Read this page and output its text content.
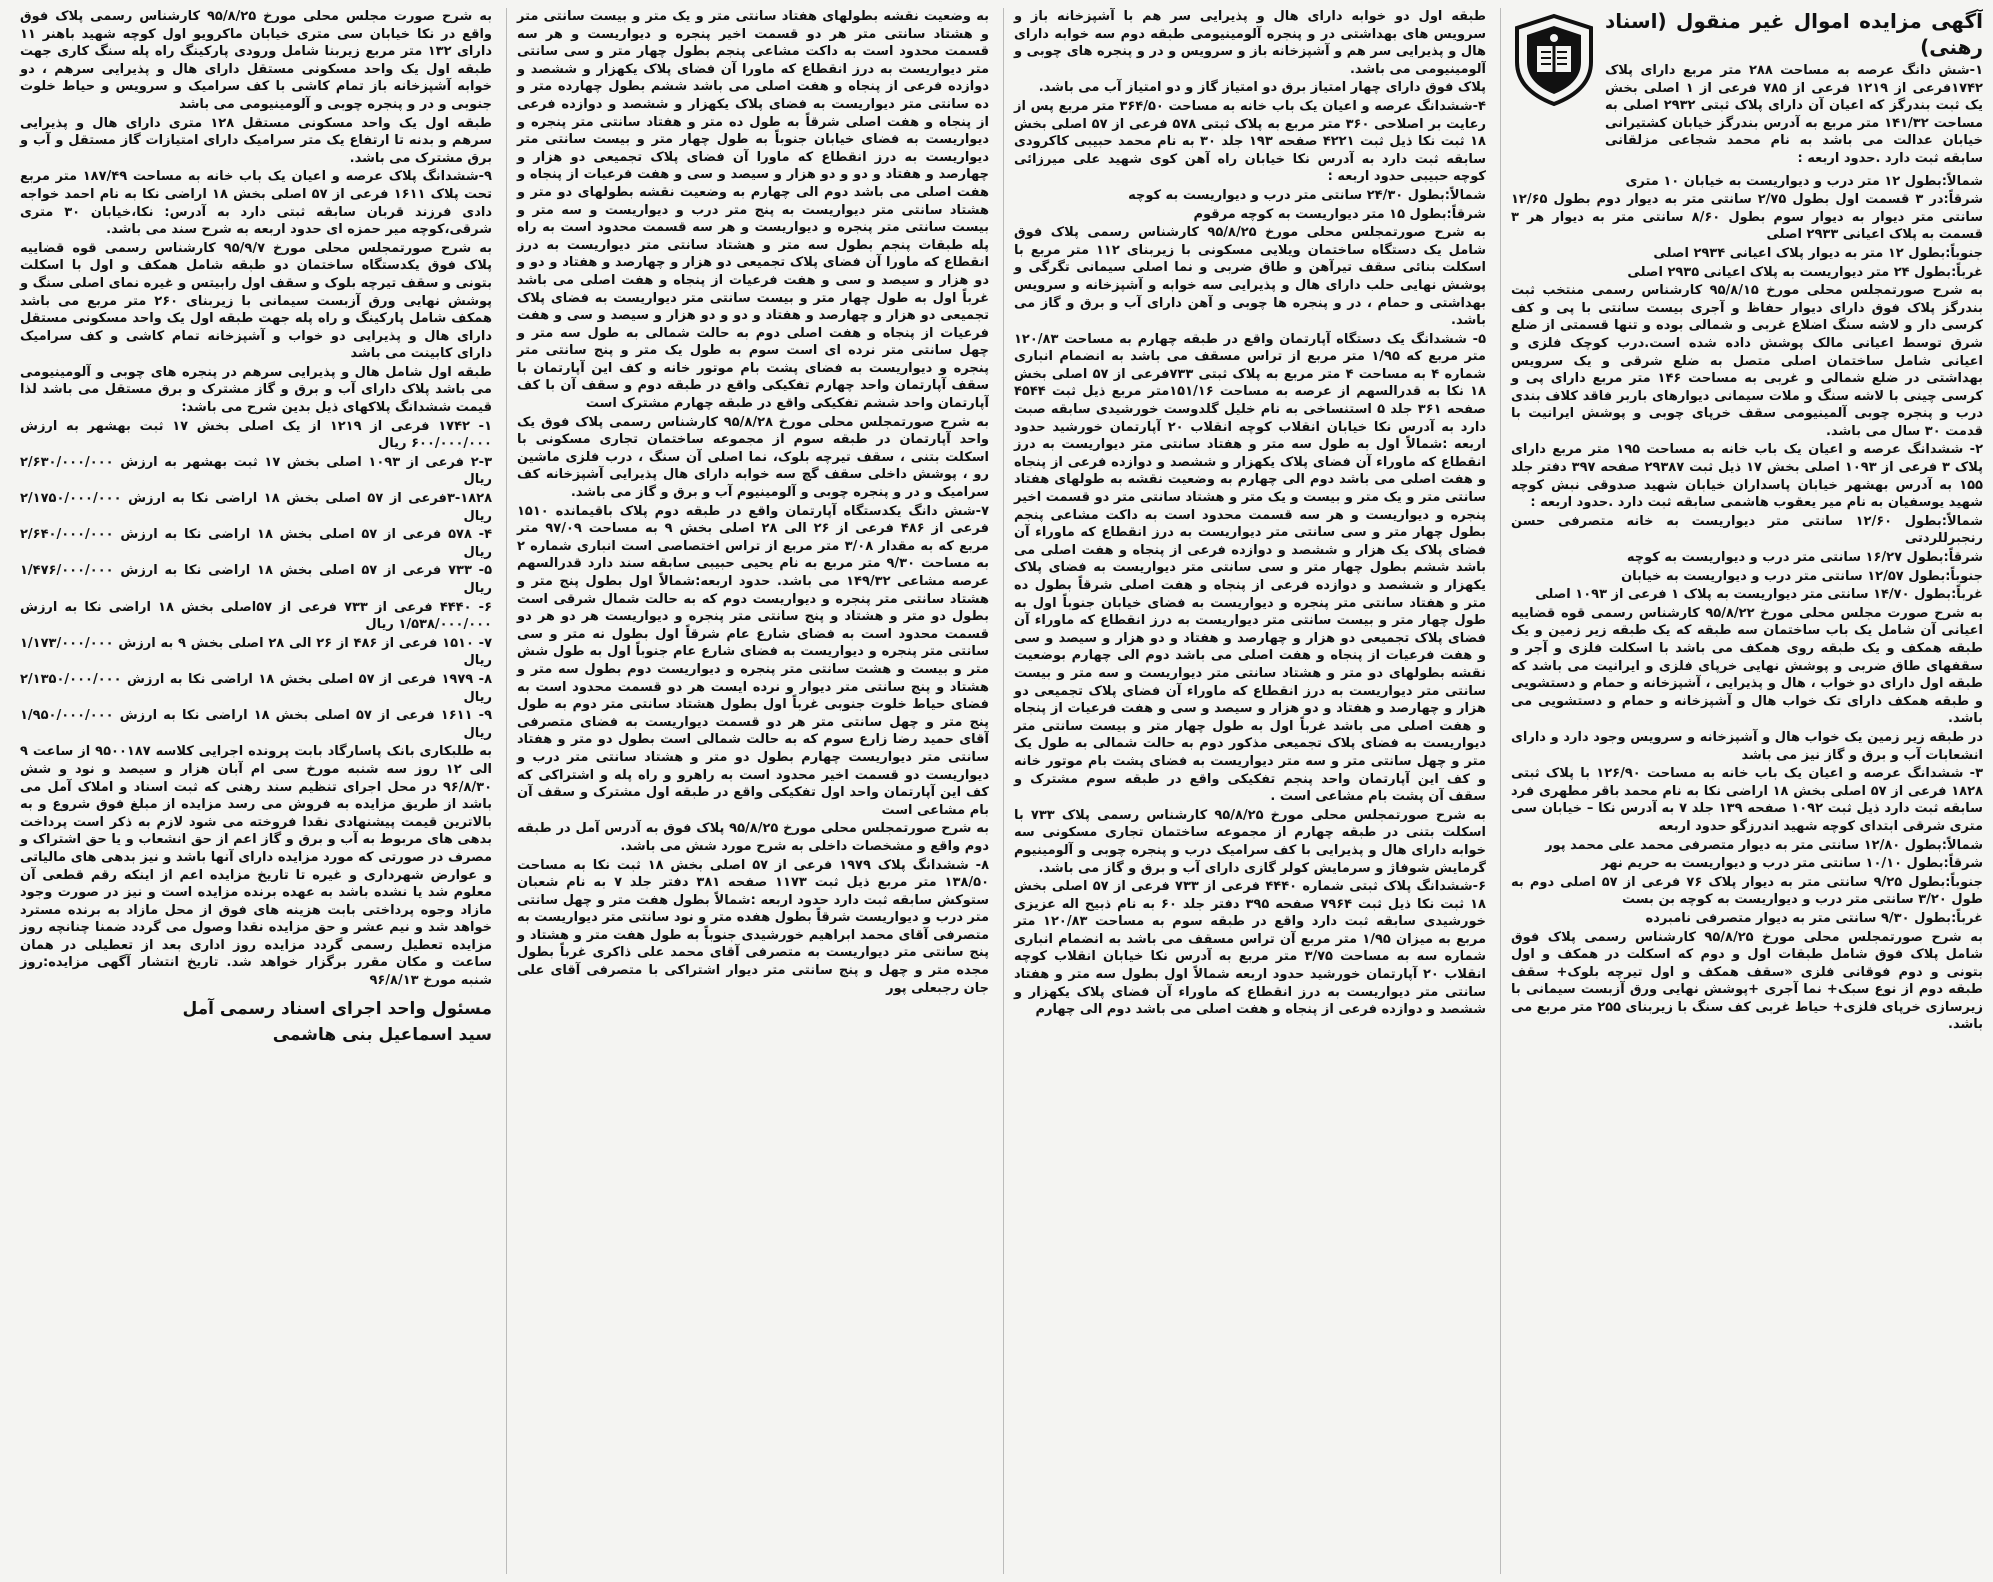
آگهی مزایده اموال غیر منقول (اسناد رهنی)

۱-شش دانگ عرصه به مساحت ۲۸۸ متر مربع دارای پلاک ۱۷۴۲فرعی از ۱۲۱۹ فرعی از ۷۸۵ فرعی از ۱ اصلی بخش یک ثبت بندرگز که اعیان آن دارای پلاک ثبتی ۲۹۳۲ اصلی به مساحت ۱۴۱/۳۲ متر مربع به آدرس بندرگز خیابان کشتیرانی خیابان عدالت می باشد به نام محمد شجاعی مزلقانی سابقه ثبت دارد .حدود اربعه :

شمالاً:بطول ۱۲ متر درب و دیواریست به خیابان ۱۰ متری

شرقاً:در ۳ قسمت اول بطول ۲/۷۵ سانتی متر به دیوار دوم بطول ۱۲/۶۵ سانتی متر دیوار به دیوار سوم بطول ۸/۶۰ سانتی متر به دیوار هر ۳ قسمت به پلاک اعیانی ۲۹۳۳ اصلی

جنوباً:بطول ۱۲ متر به دیوار پلاک اعیانی ۲۹۳۴ اصلی

غرباً:بطول ۲۴ متر دیواریست به پلاک اعیانی ۲۹۳۵ اصلی

به شرح صورتمجلس محلی مورخ ۹۵/۸/۱۵ کارشناس رسمی منتخب ثبت بندرگز پلاک فوق دارای دیوار حفاظ و آجری بیست سانتی با پی و کف کرسی دار و لاشه سنگ اضلاع غربی و شمالی بوده و تنها قسمتی از ضلع شرق توسط اعیانی مالک پوشش داده شده است.درب کوچک فلزی و اعیانی شامل ساختمان اصلی متصل به ضلع شرقی و یک سرویس بهداشتی در ضلع شمالی و غربی به مساحت ۱۴۶ متر مربع دارای پی و کرسی چینی با لاشه سنگ و ملات سیمانی دیوارهای باربر فاقد کلاف بندی درب و پنجره چوبی آلمینیومی سقف خرپای چوبی و پوشش ایرانیت با قدمت ۳۰ سال می باشد.

۲- ششدانگ عرصه و اعیان یک باب خانه به مساحت ۱۹۵ متر مربع دارای پلاک ۳ فرعی از ۱۰۹۳ اصلی بخش ۱۷ ذیل ثبت ۲۹۳۸۷ صفحه ۳۹۷ دفتر جلد ۱۵۵ به آدرس بهشهر خیابان پاسداران خیابان شهید صدوقی نبش کوچه شهید یوسفیان به نام میر یعقوب هاشمی سابقه ثبت دارد .حدود اربعه :

شمالاً:بطول ۱۲/۶۰ سانتی متر دیواریست به خانه متصرفی حسن رنجبرللردتی

شرقاً:بطول ۱۶/۲۷ سانتی متر درب و دیواریست به کوچه

جنوباً:بطول ۱۲/۵۷ سانتی متر درب و دیواریست به خیابان

غرباً:بطول ۱۴/۷۰ سانتی متر دیواریست به پلاک ۱ فرعی از ۱۰۹۳ اصلی

به شرح صورت مجلس محلی مورخ ۹۵/۸/۲۲ کارشناس رسمی قوه قضاییه اعیانی آن شامل یک باب ساختمان سه طبقه که یک طبقه زیر زمین و یک طبقه همکف و یک طبقه روی همکف می باشد با اسکلت فلزی و آجر و سقفهای طاق ضربی و پوشش نهایی خرپای فلزی و ایرانیت می باشد که طبقه اول دارای دو خواب ، هال و پذیرایی ، آشپزخانه و حمام و دستشویی و طبقه همکف دارای تک خواب هال و آشپزخانه و حمام و دستشویی می باشد.

در طبقه زیر زمین یک خواب هال و آشپزخانه و سرویس وجود دارد و دارای انشعابات آب و برق و گاز نیز می باشد

۳- ششدانگ عرصه و اعیان یک باب خانه به مساحت ۱۲۶/۹۰ با پلاک ثبتی ۱۸۲۸ فرعی از ۵۷ اصلی بخش ۱۸ اراضی نکا به نام محمد باقر مطهری فرد سابقه ثبت دارد ذیل ثبت ۱۰۹۲ صفحه ۱۳۹ جلد ۷ به آدرس نکا – خیابان سی متری شرقی ابتدای کوچه شهید اندرزگو حدود اربعه

شمالاً:بطول ۱۲/۸۰ سانتی متر به دیوار متصرفی محمد علی محمد پور

شرقاً:بطول ۱۰/۱۰ سانتی متر درب و دیواریست به حریم نهر

جنوباً:بطول ۹/۲۵ سانتی متر به دیوار پلاک ۷۶ فرعی از ۵۷ اصلی دوم به طول ۳/۲۰ سانتی متر درب و دیواریست به کوچه بن بست

غرباً:بطول ۹/۳۰ سانتی متر به دیوار متصرفی نامبرده

به شرح صورتمجلس محلی مورخ ۹۵/۸/۲۵ کارشناس رسمی پلاک فوق شامل پلاک فوق شامل طبقات اول و دوم که اسکلت در همکف و اول بتونی و دوم فوقانی فلزی «سقف همکف و اول تیرچه بلوک+ سقف طبقه دوم از نوع سبک+ نما آجری +پوشش نهایی ورق آزبست سیمانی با زیرسازی خرپای فلزی+ حیاط غربی کف سنگ با زیربنای ۲۵۵ متر مربع می باشد.

طبقه اول دو خوابه دارای هال و پذیرایی سر هم با آشپزخانه باز و سرویس های بهداشتی در و پنجره آلومینیومی طبقه دوم سه خوابه دارای هال و پذیرایی سر هم و آشپزخانه باز و سرویس و در و پنجره های چوبی و آلومینیومی می باشد.

پلاک فوق دارای چهار امتیاز برق دو امتیاز گاز و دو امتیاز آب می باشد.

۴-ششدانگ عرصه و اعیان یک باب خانه به مساحت ۳۶۴/۵۰ متر مربع پس از رعایت بر اصلاحی ۳۶۰ متر مربع به پلاک ثبتی ۵۷۸ فرعی از ۵۷ اصلی بخش ۱۸ ثبت نکا ذیل ثبت ۴۲۲۱ صفحه ۱۹۳ جلد ۳۰ به نام محمد حبیبی کاکرودی سابقه ثبت دارد به آدرس نکا خیابان راه آهن کوی شهید علی میرزائی کوچه حبیبی حدود اربعه :

شمالاً:بطول ۲۴/۳۰ سانتی متر درب و دیواریست به کوچه

شرقاً:بطول ۱۵ متر دیواریست به کوچه مرقوم

به شرح صورتمجلس محلی مورخ ۹۵/۸/۲۵ کارشناس رسمی پلاک فوق شامل یک دستگاه ساختمان ویلایی مسکونی با زیربنای ۱۱۲ متر مربع با اسکلت بنائی سقف تیرآهن و طاق ضربی و نما اصلی سیمانی تگرگی و پوشش نهایی حلب دارای هال و پذیرایی سه خوابه و آشپزخانه و سرویس بهداشتی و حمام ، در و پنجره ها چوبی و آهن دارای آب و برق و گاز می باشد.

۵- ششدانگ یک دستگاه آپارتمان واقع در طبقه چهارم به مساحت ۱۲۰/۸۳ متر مربع که ۱/۹۵ متر مربع از تراس مسقف می باشد به انضمام انباری شماره ۴ به مساحت ۴ متر مربع به پلاک ثبتی ۷۳۳فرعی از ۵۷ اصلی بخش ۱۸ نکا به قدرالسهم از عرصه به مساحت ۱۵۱/۱۶متر مربع ذیل ثبت ۴۵۴۴ صفحه ۳۶۱ جلد ۵ استنساخی به نام خلیل گلدوست خورشیدی سابقه صبت دارد به آدرس نکا خیابان انقلاب کوچه انقلاب ۲۰ آپارتمان خورشید حدود اربعه :شمالاً اول به طول سه متر و هفتاد سانتی متر دیواریست به درز انقطاع که ماوراء آن فضای پلاک یکهزار و ششصد و دوازده فرعی از پنجاه و هفت اصلی می باشد دوم الی چهارم به وضعیت نقشه به طولهای هفتاد سانتی متر و یک متر و بیست و یک متر و هشتاد سانتی متر دو قسمت اخیر پنجره و دیواریست و هر سه قسمت محدود است به داکت مشاعی پنجم بطول چهار متر و سی سانتی متر دیواریست به درز انقطاع که ماوراء آن فضای پلاک یک هزار و ششصد و دوازده فرعی از پنجاه و هفت اصلی می باشد ششم بطول چهار متر و سی سانتی متر دیواریست به فضای پلاک یکهزار و ششصد و دوازده فرعی از پنجاه و هفت اصلی شرقاً بطول ده متر و هفتاد سانتی متر پنجره و دیواریست به فضای خیابان جنوباً اول به طول چهار متر و بیست سانتی متر دیواریست به درز انقطاع که ماوراء آن فضای پلاک تجمیعی دو هزار و چهارصد و هفتاد و دو هزار و سیصد و سی و هفت فرعیات از پنجاه و هفت اصلی می باشد دوم الی چهارم بوضعیت نقشه بطولهای دو متر و هشتاد سانتی متر دیواریست و سه متر و بیست سانتی متر دیواریست به درز انقطاع که ماوراء آن فضای پلاک تجمیعی دو هزار و چهارصد و هفتاد و دو هزار و سیصد و سی و هفت فرعیات از پنجاه و هفت اصلی می باشد غرباً اول به طول چهار متر و بیست سانتی متر دیواریست به فضای پلاک تجمیعی مذکور دوم به حالت شمالی به طول یک متر و چهل سانتی متر و سه متر دیواریست به فضای پشت بام موتور خانه و کف این آپارتمان واحد پنجم تفکیکی واقع در طبقه سوم مشترک و سقف آن پشت بام مشاعی است .

به شرح صورتمجلس محلی مورخ ۹۵/۸/۲۵ کارشناس رسمی پلاک ۷۳۳ با اسکلت بتنی در طبقه چهارم از مجموعه ساختمان تجاری مسکونی سه خوابه دارای هال و پذیرایی با کف سرامیک درب و پنجره چوبی و آلومینیوم گرمایش شوفاژ و سرمایش کولر گازی دارای آب و برق و گاز می باشد.

۶-ششدانگ پلاک ثبتی شماره ۴۴۴۰ فرعی از ۷۳۳ فرعی از ۵۷ اصلی بخش ۱۸ ثبت نکا ذیل ثبت ۷۹۶۴ صفحه ۳۹۵ دفتر جلد ۶۰ به نام ذبیح اله عزیزی خورشیدی سابقه ثبت دارد واقع در طبقه سوم به مساحت ۱۲۰/۸۳ متر مربع به میزان ۱/۹۵ متر مربع آن تراس مسقف می باشد به انضمام انباری شماره سه به مساحت ۳/۷۵ متر مربع به آدرس نکا خیابان انقلاب کوچه انقلاب ۲۰ آپارتمان خورشید حدود اربعه شمالاً اول بطول سه متر و هفتاد سانتی متر دیواریست به درز انقطاع که ماوراء آن فضای پلاک یکهزار و ششصد و دوازده فرعی از پنجاه و هفت اصلی می باشد دوم الی چهارم

به وضعیت نقشه بطولهای هفتاد سانتی متر و یک متر و بیست سانتی متر و هشتاد سانتی متر هر دو قسمت اخیر پنجره و دیواریست و هر سه قسمت محدود است به داکت مشاعی پنجم بطول چهار متر و سی سانتی متر دیواریست به درز انقطاع که ماورا آن فضای پلاک یکهزار و ششصد و دوازده فرعی از پنجاه و هفت اصلی می باشد ششم بطول چهارده متر و ده سانتی متر دیواریست به فضای پلاک یکهزار و ششصد و دوازده فرعی از پنجاه و هفت اصلی شرقاً به طول ده متر و هفتاد سانتی متر پنجره و دیواریست به فضای خیابان جنوباً به طول چهار متر و بیست سانتی متر دیواریست به درز انقطاع که ماورا آن فضای پلاک تجمیعی دو هزار و چهارصد و هفتاد و دو و دو هزار و سیصد و سی و هفت فرعیات از پنجاه و هفت اصلی می باشد دوم الی چهارم به وضعیت نقشه بطولهای دو متر و هشتاد سانتی متر دیواریست به پنج متر درب و دیواریست و سه متر و بیست سانتی متر پنجره و دیواریست و هر سه قسمت محدود است به راه پله طبقات پنجم بطول سه متر و هشتاد سانتی متر دیواریست به درز انقطاع که ماورا آن فضای پلاک تجمیعی دو هزار و چهارصد و هفتاد و دو و دو هزار و سیصد و سی و هفت فرعیات از پنجاه و هفت اصلی می باشد غرباً اول به طول چهار متر و بیست سانتی متر دیواریست به فضای پلاک تجمیعی دو هزار و چهارصد و هفتاد و دو و دو هزار و سیصد و سی و هفت فرعیات از پنجاه و هفت اصلی دوم به حالت شمالی به طول سه متر و چهل سانتی متر نرده ای است سوم به طول یک متر و پنج سانتی متر پنجره و دیواریست به فضای پشت بام موتور خانه و کف این آپارتمان با سقف آپارتمان واحد چهارم تفکیکی واقع در طبقه دوم و سقف آن با کف آپارتمان واحد ششم تفکیکی واقع در طبقه چهارم مشترک است

به شرح صورتمجلس محلی مورخ ۹۵/۸/۲۸ کارشناس رسمی پلاک فوق یک واحد آپارتمان در طبقه سوم از مجموعه ساختمان تجاری مسکونی با اسکلت بتنی ، سقف تیرچه بلوک، نما اصلی آن سنگ ، درب فلزی ماشین رو ، پوشش داخلی سقف گچ سه خوابه دارای هال پذیرایی آشپزخانه کف سرامیک و در و پنجره چوبی و آلومینیوم آب و برق و گاز می باشد.

۷-شش دانگ یکدستگاه آپارتمان واقع در طبقه دوم پلاک باقیمانده ۱۵۱۰ فرعی از ۴۸۶ فرعی از ۲۶ الی ۲۸ اصلی بخش ۹ به مساحت ۹۷/۰۹ متر مربع که به مقدار ۳/۰۸ متر مربع از تراس اختصاصی است انباری شماره ۲ به مساحت ۹/۳۰ متر مربع به نام یحیی حبیبی سابقه سند دارد قدرالسهم عرصه مشاعی ۱۴۹/۳۲ می باشد. حدود اربعه:شمالاً اول بطول پنج متر و هشتاد سانتی متر پنجره و دیواریست دوم که به حالت شمال شرقی است بطول دو متر و هشتاد و پنج سانتی متر پنجره و دیواریست هر دو هر دو قسمت محدود است به فضای شارع عام شرقاً اول بطول نه متر و سی سانتی متر پنجره و دیواریست به فضای شارع عام جنوباً اول به طول شش متر و بیست و هشت سانتی متر پنجره و دیواریست دوم بطول سه متر و هشتاد و پنج سانتی متر دیوار و نرده ایست هر دو قسمت محدود است به فضای حیاط خلوت جنوبی غرباً اول بطول هشتاد سانتی متر دوم به طول پنج متر و چهل سانتی متر هر دو قسمت دیواریست به فضای متصرفی آقای حمید رضا زارع سوم که به حالت شمالی است بطول دو متر و هفتاد سانتی متر دیواریست چهارم بطول دو متر و هشتاد سانتی متر درب و دیواریست دو قسمت اخیر محدود است به راهرو و راه پله و اشتراکی که کف این آپارتمان واحد اول تفکیکی واقع در طبقه اول مشترک و سقف آن بام مشاعی است

به شرح صورتمجلس محلی مورخ ۹۵/۸/۲۵ پلاک فوق به آدرس آمل در طبقه دوم واقع و مشخصات داخلی به شرح مورد شش می باشد.

۸- ششدانگ پلاک ۱۹۷۹ فرعی از ۵۷ اصلی بخش ۱۸ ثبت نکا به مساحت ۱۳۸/۵۰ متر مربع ذیل ثبت ۱۱۷۳ صفحه ۳۸۱ دفتر جلد ۷ به نام شعبان ستوکش سابقه ثبت دارد حدود اربعه :شمالاً بطول هفت متر و چهل سانتی متر درب و دیواریست شرقاً بطول هفده متر و نود سانتی متر دیواریست به متصرفی آقای محمد ابراهیم خورشیدی جنوباً به طول هفت متر و هشتاد و پنج سانتی متر دیواریست به متصرفی آقای محمد علی ذاکری غرباً بطول مجده متر و چهل و پنج سانتی متر دیوار اشتراکی با متصرفی آقای علی جان رجبعلی پور

به شرح صورت مجلس محلی مورخ ۹۵/۸/۲۵ کارشناس رسمی پلاک فوق واقع در نکا خیابان سی متری خیابان ماکرویو اول کوچه شهید باهنر ۱۱ دارای ۱۳۲ متر مربع زیربنا شامل ورودی پارکینگ راه پله سنگ کاری جهت طبقه اول یک واحد مسکونی مستقل دارای هال و پذیرایی سرهم ، دو خوابه آشپزخانه باز تمام کاشی با کف سرامیک و سرویس و حیاط خلوت جنوبی و در و پنجره چوبی و آلومینیومی می باشد

طبقه اول یک واحد مسکونی مستقل ۱۲۸ متری دارای هال و پذیرایی سرهم و بدنه تا ارتفاع یک متر سرامیک دارای امتیازات گاز مستقل و آب و برق مشترک می باشد.

۹-ششدانگ پلاک عرصه و اعیان یک باب خانه به مساحت ۱۸۷/۴۹ متر مربع تحت پلاک ۱۶۱۱ فرعی از ۵۷ اصلی بخش ۱۸ اراضی نکا به نام احمد خواجه دادی فرزند قربان سابقه ثبتی دارد به آدرس: نکا،خیابان ۳۰ متری شرقی،کوچه میر حمزه ای حدود اربعه به شرح سند می باشد.

به شرح صورتمجلس محلی مورخ ۹۵/۹/۷ کارشناس رسمی قوه قضاییه پلاک فوق یکدستگاه ساختمان دو طبقه شامل همکف و اول با اسکلت بتونی و سقف تیرچه بلوک و سقف اول رابیتس و غیره نمای اصلی سنگ و پوشش نهایی ورق آزبست سیمانی با زیربنای ۲۶۰ متر مربع می باشد همکف شامل پارکینگ و راه پله جهت طبقه اول یک واحد مسکونی مستقل دارای هال و پذیرایی دو خواب و آشپزخانه تمام کاشی و کف سرامیک دارای کابینت می باشد

طبقه اول شامل هال و پذیرایی سرهم در پنجره های چوبی و آلومینیومی می باشد پلاک دارای آب و برق و گاز مشترک و برق مستقل می باشد لذا قیمت ششدانگ پلاکهای ذیل بدین شرح می باشد:

۱- ۱۷۴۲ فرعی از ۱۲۱۹ از یک اصلی بخش ۱۷ ثبت بهشهر به ارزش ۶۰۰/۰۰۰/۰۰۰ ریال

۲-۳ فرعی از ۱۰۹۳ اصلی بخش ۱۷ ثبت بهشهر به ارزش ۲/۶۳۰/۰۰۰/۰۰۰ ریال

۳-۱۸۲۸فرعی از ۵۷ اصلی بخش ۱۸ اراضی نکا به ارزش ۲/۱۷۵۰/۰۰۰/۰۰۰ ریال

۴- ۵۷۸ فرعی از ۵۷ اصلی بخش ۱۸ اراضی نکا به ارزش ۲/۶۴۰/۰۰۰/۰۰۰ ریال

۵- ۷۳۳ فرعی از ۵۷ اصلی بخش ۱۸ اراضی نکا به ارزش ۱/۴۷۶/۰۰۰/۰۰۰ ریال

۶- ۴۴۴۰ فرعی از ۷۳۳ فرعی از ۵۷اصلی بخش ۱۸ اراضی نکا به ارزش ۱/۵۳۸/۰۰۰/۰۰۰ ریال

۷- ۱۵۱۰ فرعی از ۴۸۶ از ۲۶ الی ۲۸ اصلی بخش ۹ به ارزش ۱/۱۷۳/۰۰۰/۰۰۰ ریال

۸- ۱۹۷۹ فرعی از ۵۷ اصلی بخش ۱۸ اراضی نکا به ارزش ۲/۱۳۵۰/۰۰۰/۰۰۰ ریال

۹- ۱۶۱۱ فرعی از ۵۷ اصلی بخش ۱۸ اراضی نکا به ارزش ۱/۹۵۰/۰۰۰/۰۰۰ ریال

به طلبکاری بانک پاسارگاد بابت پرونده اجرایی کلاسه ۹۵۰۰۱۸۷ از ساعت ۹ الی ۱۲ روز سه شنبه مورخ سی ام آبان هزار و سیصد و نود و شش ۹۶/۸/۳۰ در محل اجرای تنظیم سند رهنی که ثبت اسناد و املاک آمل می باشد از طریق مزایده به فروش می رسد مزایده از مبلغ فوق شروع و به بالاترین قیمت پیشنهادی نقدا فروخته می شود لازم به ذکر است پرداخت بدهی های مربوط به آب و برق و گاز اعم از حق انشعاب و یا حق اشتراک و مصرف در صورتی که مورد مزایده دارای آنها باشد و نیز بدهی های مالیاتی و عوارض شهرداری و غیره تا تاریخ مزایده اعم از اینکه رقم قطعی آن معلوم شد یا نشده باشد به عهده برنده مزایده است و نیز در صورت وجود مازاد وجوه پرداختی بابت هزینه های فوق از محل مازاد به برنده مسترد خواهد شد و نیم عشر و حق مزایده نقدا وصول می گردد ضمنا چنانچه روز مزایده تعطیل رسمی گردد مزایده روز اداری بعد از تعطیلی در همان ساعت و مکان مقرر برگزار خواهد شد. تاریخ انتشار آگهی مزایده:روز شنبه مورخ ۹۶/۸/۱۳

مسئول واحد اجرای اسناد رسمی آمل
سید اسماعیل بنی هاشمی
